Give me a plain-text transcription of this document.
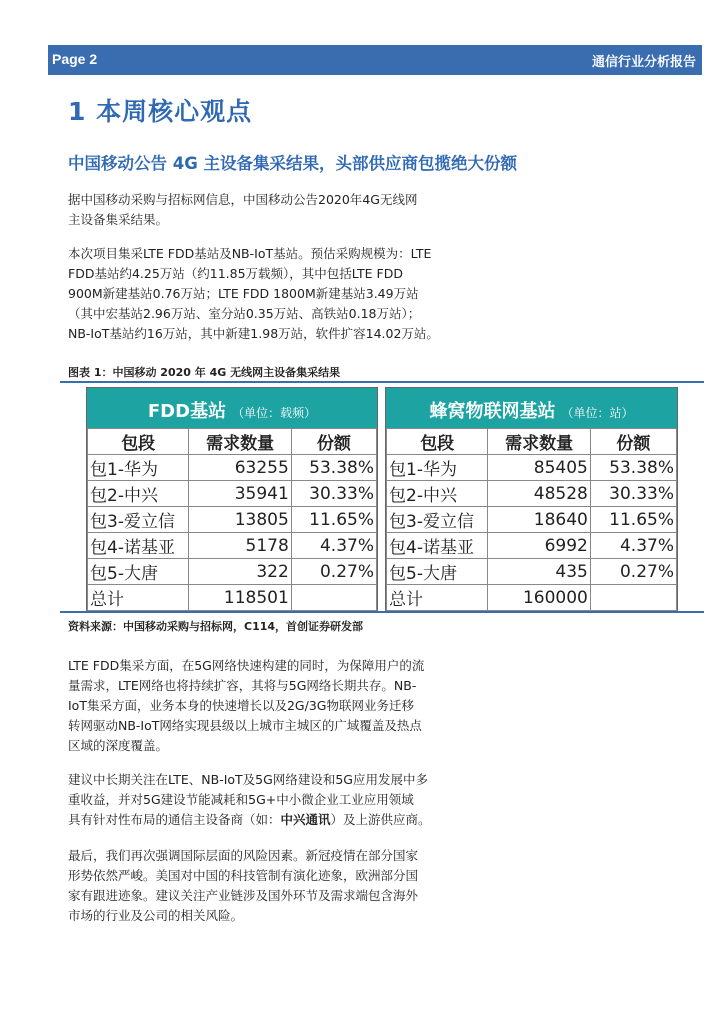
Page 2	通信行业分析报告
1 本周核心观点
中国移动公告 4G 主设备集采结果，头部供应商包揽绝大份额
据中国移动采购与招标网信息，中国移动公告2020年4G无线网
主设备集采结果。
本次项目集采LTE FDD基站及NB-IoT基站。预估采购规模为：LTE
FDD基站约4.25万站（约11.85万载频），其中包括LTE FDD
900M新建基站0.76万站；LTE FDD 1800M新建基站3.49万站
（其中宏基站2.96万站、室分站0.35万站、高铁站0.18万站）；
NB-IoT基站约16万站，其中新建1.98万站，软件扩容14.02万站。
图表 1：中国移动 2020 年 4G 无线网主设备集采结果
FDD基站 （单位：载频）
包段	需求数量	份额
包1-华为	63255	53.38%
包2-中兴	35941	30.33%
包3-爱立信	13805	11.65%
包4-诺基亚	5178	4.37%
包5-大唐	322	0.27%
总计	118501	
蜂窝物联网基站 （单位：站）
包段	需求数量	份额
包1-华为	85405	53.38%
包2-中兴	48528	30.33%
包3-爱立信	18640	11.65%
包4-诺基亚	6992	4.37%
包5-大唐	435	0.27%
总计	160000	
资料来源：中国移动采购与招标网，C114，首创证券研发部
LTE FDD集采方面，在5G网络快速构建的同时，为保障用户的流
量需求，LTE网络也将持续扩容，其将与5G网络长期共存。NB-
IoT集采方面，业务本身的快速增长以及2G/3G物联网业务迁移
转网驱动NB-IoT网络实现县级以上城市主城区的广域覆盖及热点
区域的深度覆盖。
建议中长期关注在LTE、NB-IoT及5G网络建设和5G应用发展中多
重收益，并对5G建设节能减耗和5G+中小微企业工业应用领域
具有针对性布局的通信主设备商（如：中兴通讯）及上游供应商。
最后，我们再次强调国际层面的风险因素。新冠疫情在部分国家
形势依然严峻。美国对中国的科技管制有演化迹象，欧洲部分国
家有跟进迹象。建议关注产业链涉及国外环节及需求端包含海外
市场的行业及公司的相关风险。
